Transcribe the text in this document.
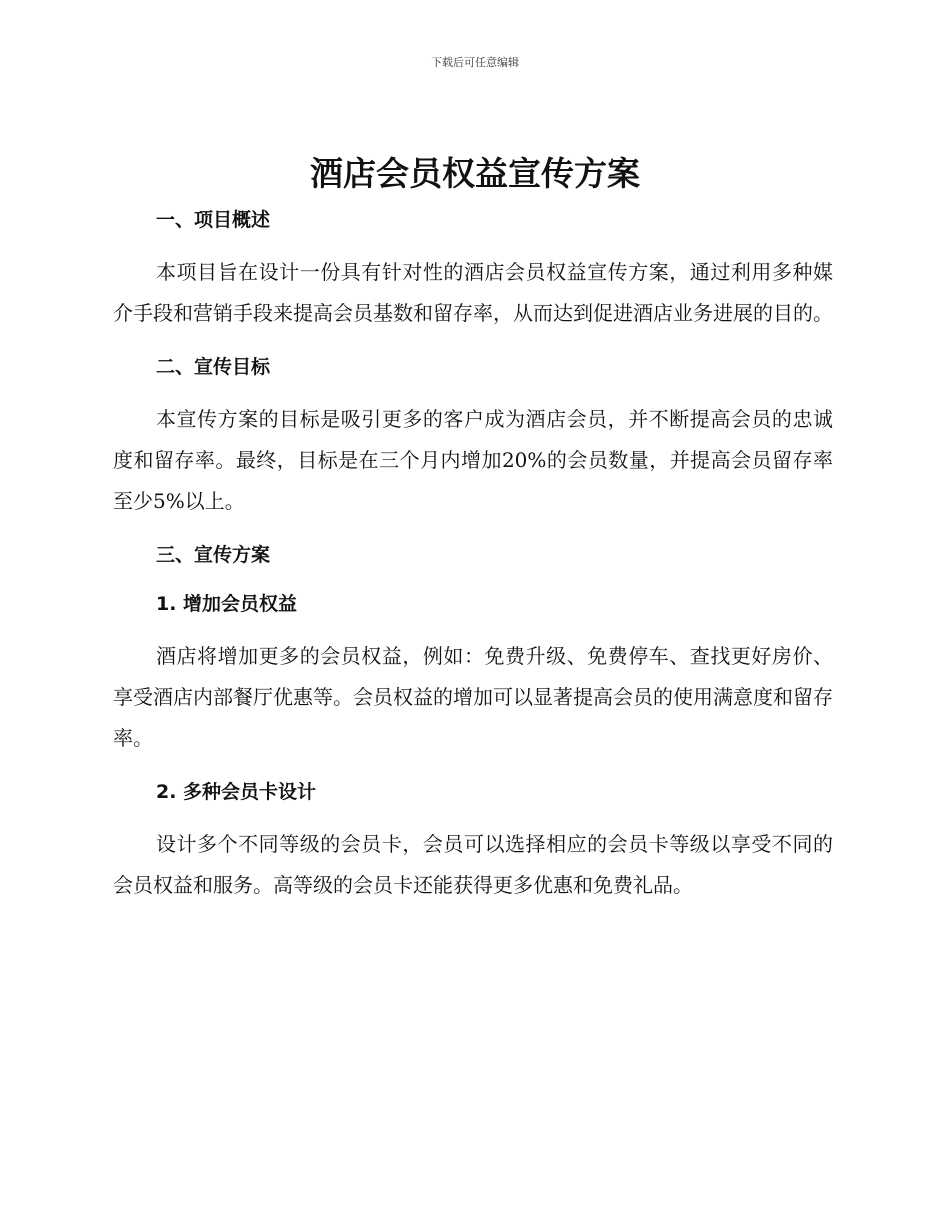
下载后可任意编辑
酒店会员权益宣传方案
一、项目概述

本项目旨在设计一份具有针对性的酒店会员权益宣传方案，通过利用多种媒介手段和营销手段来提高会员基数和留存率，从而达到促进酒店业务进展的目的。

二、宣传目标

本宣传方案的目标是吸引更多的客户成为酒店会员，并不断提高会员的忠诚度和留存率。最终，目标是在三个月内增加20%的会员数量，并提高会员留存率至少5%以上。

三、宣传方案
1. 增加会员权益

酒店将增加更多的会员权益，例如：免费升级、免费停车、查找更好房价、享受酒店内部餐厅优惠等。会员权益的增加可以显著提高会员的使用满意度和留存率。

2. 多种会员卡设计

设计多个不同等级的会员卡，会员可以选择相应的会员卡等级以享受不同的会员权益和服务。高等级的会员卡还能获得更多优惠和免费礼品。
